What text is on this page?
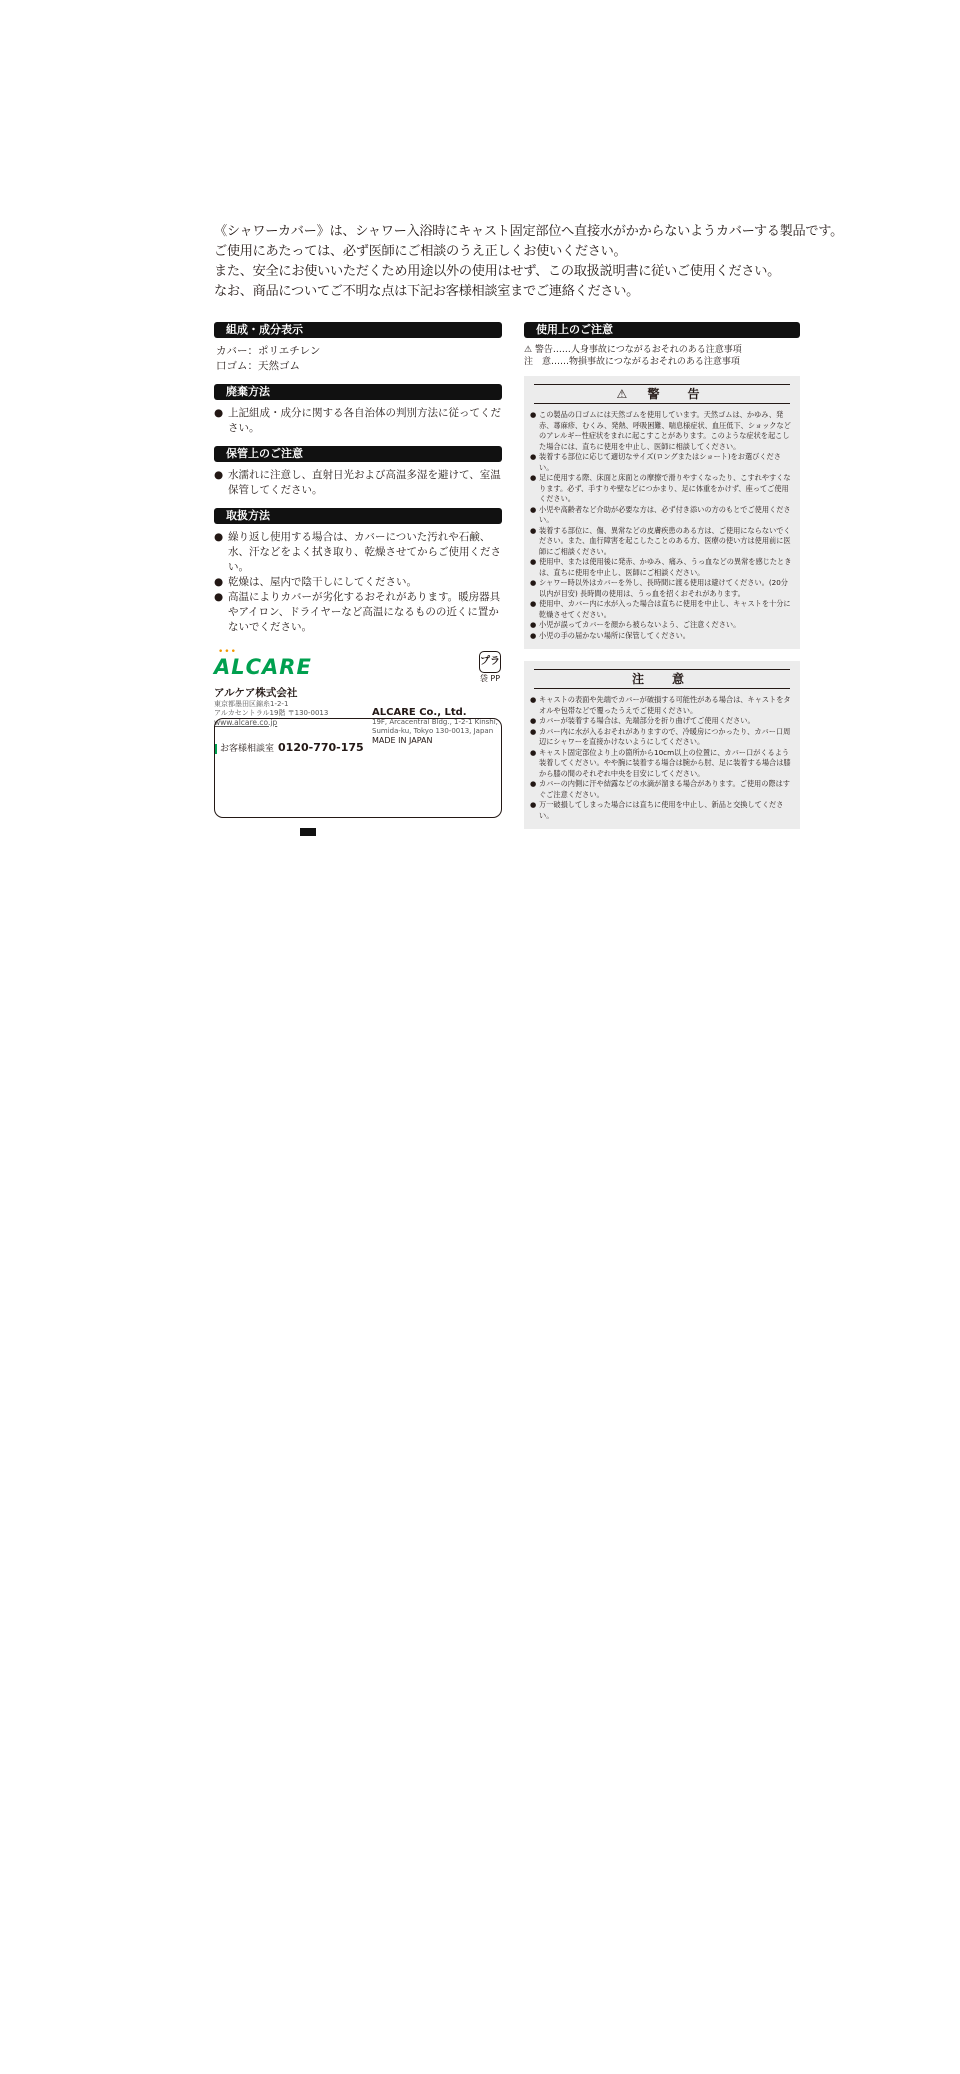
《シャワーカバー》は、シャワー入浴時にキャスト固定部位へ直接水がかからないようカバーする製品です。

ご使用にあたっては、必ず医師にご相談のうえ正しくお使いください。

また、安全にお使いいただくため用途以外の使用はせず、この取扱説明書に従いご使用ください。

なお、商品についてご不明な点は下記お客様相談室までご連絡ください。

組成・成分表示

カバー：ポリエチレン

口ゴム：天然ゴム

廃棄方法
● 上記組成・成分に関する各自治体の判別方法に従ってください。
保管上のご注意
● 水濡れに注意し、直射日光および高温多湿を避けて、室温保管してください。
取扱方法
● 繰り返し使用する場合は、カバーについた汚れや石鹸、水、汗などをよく拭き取り、乾燥させてからご使用ください。
● 乾燥は、屋内で陰干しにしてください。
● 高温によりカバーが劣化するおそれがあります。暖房器具やアイロン、ドライヤーなど高温になるものの近くに置かないでください。
•••
ALCARE	プラ
袋 PP
アルケア株式会社
東京都墨田区錦糸1-2-1
アルカセントラル19階 〒130-0013
www.alcare.co.jp
お客様相談室 0120-770-175
ALCARE Co., Ltd.
19F, Arcacentral Bldg., 1-2-1 Kinshi,
Sumida-ku, Tokyo 130-0013, Japan
MADE IN JAPAN
使用上のご注意

⚠ 警告……人身事故につながるおそれのある注意事項

注　意……物損事故につながるおそれのある注意事項

⚠ 警　告
● この製品の口ゴムには天然ゴムを使用しています。天然ゴムは、かゆみ、発赤、蕁麻疹、むくみ、発熱、呼吸困難、喘息様症状、血圧低下、ショックなどのアレルギー性症状をまれに起こすことがあります。このような症状を起こした場合には、直ちに使用を中止し、医師に相談してください。
● 装着する部位に応じて適切なサイズ(ロングまたはショート)をお選びください。
● 足に使用する際、床面と床面との摩擦で滑りやすくなったり、こすれやすくなります。必ず、手すりや壁などにつかまり、足に体重をかけず、座ってご使用ください。
● 小児や高齢者など介助が必要な方は、必ず付き添いの方のもとでご使用ください。
● 装着する部位に、傷、異常などの皮膚疾患のある方は、ご使用にならないでください。また、血行障害を起こしたことのある方、医療の使い方は使用前に医師にご相談ください。
● 使用中、または使用後に発赤、かゆみ、痛み、うっ血などの異常を感じたときは、直ちに使用を中止し、医師にご相談ください。
● シャワー時以外はカバーを外し、長時間に渡る使用は避けてください。(20分以内が目安) 長時間の使用は、うっ血を招くおそれがあります。
● 使用中、カバー内に水が入った場合は直ちに使用を中止し、キャストを十分に乾燥させてください。
● 小児が誤ってカバーを顔から被らないよう、ご注意ください。
● 小児の手の届かない場所に保管してください。
注　意
● キャストの表面や先端でカバーが破損する可能性がある場合は、キャストをタオルや包帯などで覆ったうえでご使用ください。
● カバーが装着する場合は、先端部分を折り曲げてご使用ください。
● カバー内に水が入るおそれがありますので、冷暖房につかったり、カバー口周辺にシャワーを直接かけないようにしてください。
● キャスト固定部位より上の箇所から10cm以上の位置に、カバー口がくるよう装着してください。やや腕に装着する場合は腕から肘、足に装着する場合は膝から膝の間のそれぞれ中央を目安にしてください。
● カバーの内側に汗や結露などの水滴が溜まる場合があります。ご使用の際はすぐご注意ください。
● 万一破損してしまった場合には直ちに使用を中止し、新品と交換してください。
